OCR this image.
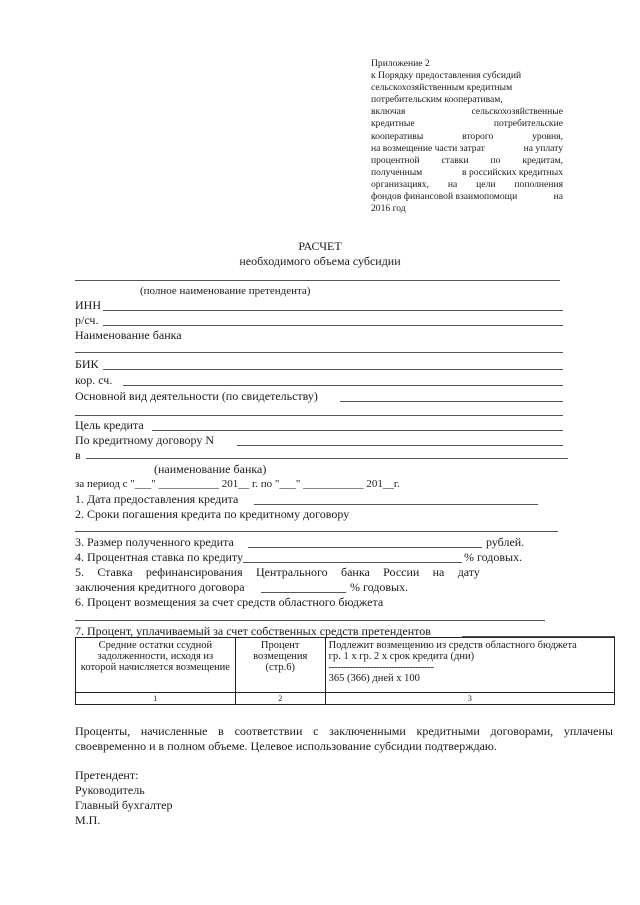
Приложение 2
к Порядку предоставления субсидий
сельскохозяйственным кредитным
потребительским кооперативам,
включая	сельскохозяйственные
кредитные	потребительские
кооперативы	второго	уровня,
на возмещение части затрат	на уплату
процентной ставки по кредитам,
полученным	в российских кредитных
организациях, на цели пополнения
фондов финансовой взаимопомощи	на
2016 год
РАСЧЕТ
необходимого объема субсидии
(полное наименование претендента)
ИНН
р/сч.
Наименование банка
БИК
кор. сч.
Основной вид деятельности (по свидетельству)
Цель кредита
По кредитному договору N
в
(наименование банка)
за период с "___" ___________ 201__ г. по "___" ___________ 201__г.
1. Дата предоставления кредита
2. Сроки погашения кредита по кредитному договору
3. Размер полученного кредита	рублей.
4. Процентная ставка по кредиту	% годовых.
5. Ставка рефинансирования Центрального банка России на дату
заключения кредитного договора	% годовых.
6. Процент возмещения за счет средств областного бюджета
7. Процент, уплачиваемый за счет собственных средств претендентов
Средние остатки ссудной задолженности, исходя из которой начисляется возмещение	Процент возмещения (стр.6)	Подлежит возмещению из средств областного бюджета
гр. 1 х гр. 2 х срок кредита (дни)
-----------------------------------
365 (366) дней х 100

1	2	3
Проценты, начисленные в соответствии с заключенными кредитными договорами, уплачены своевременно и в полном объеме. Целевое использование субсидии подтверждаю.
Претендент:
Руководитель
Главный бухгалтер
М.П.
